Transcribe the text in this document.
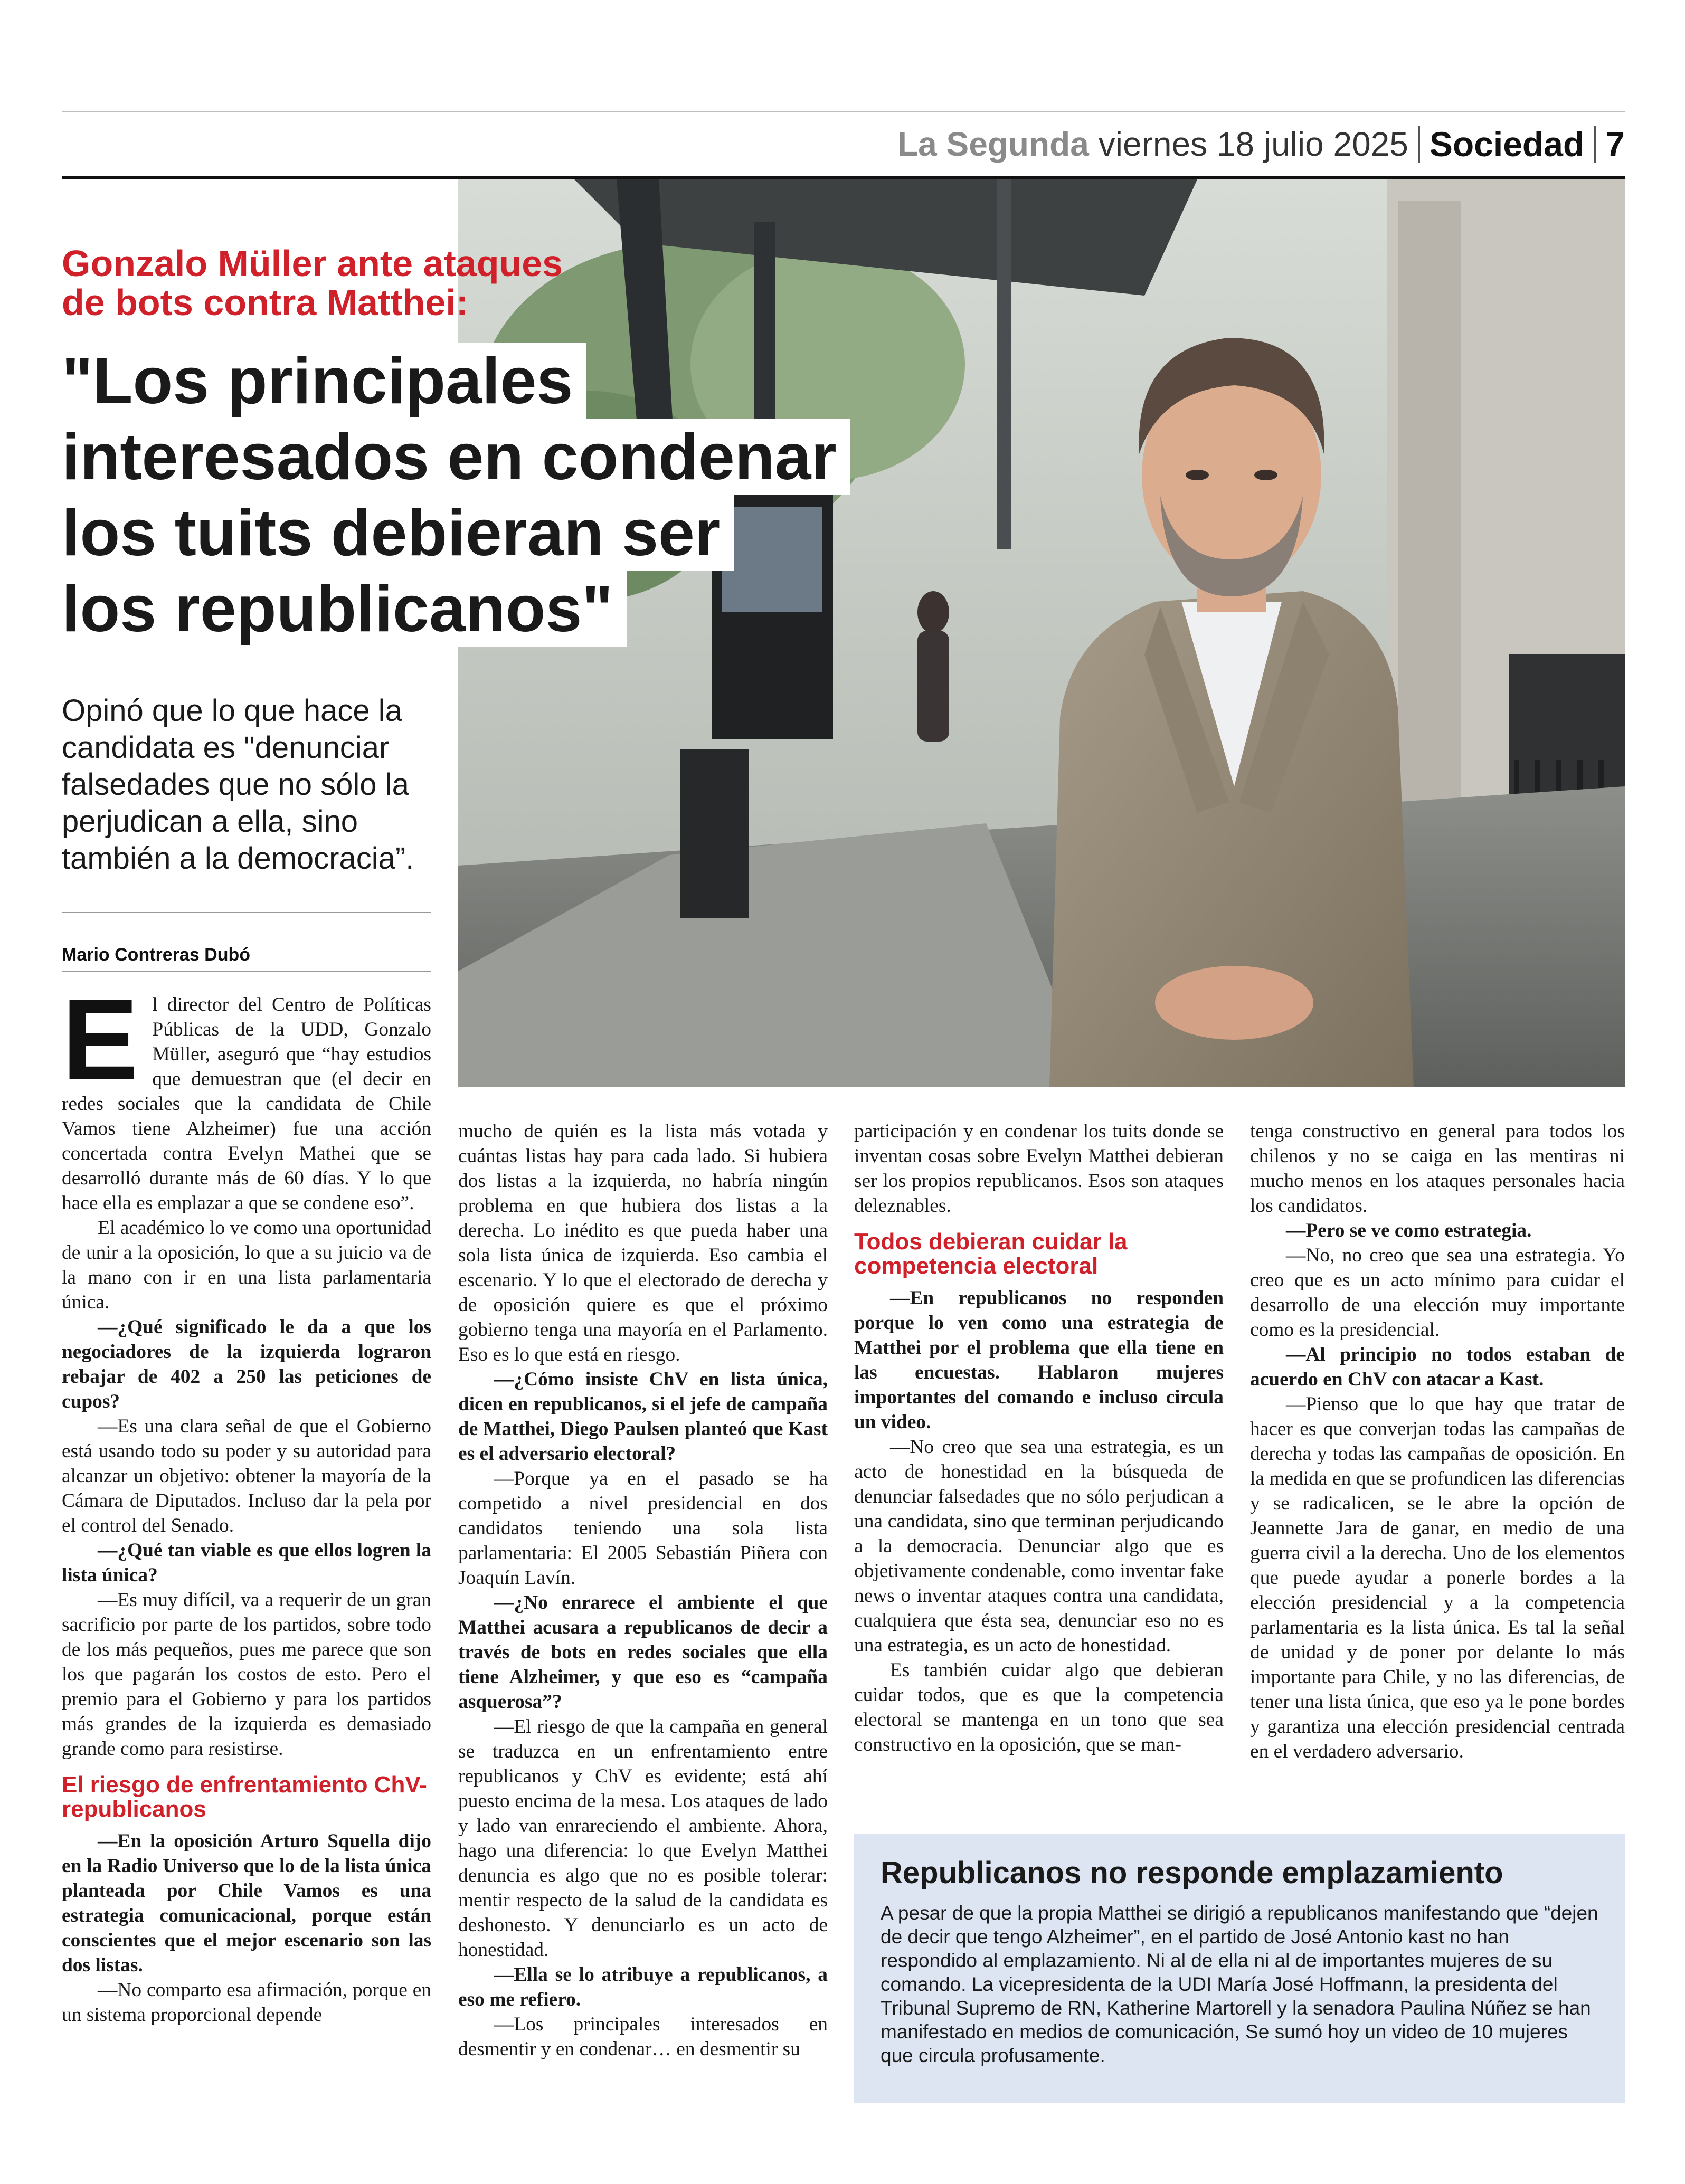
La Segunda viernes 18 julio 2025 Sociedad 7
Gonzalo Müller ante ataques de bots contra Matthei:
"Los principales
interesados en condenar
los tuits debieran ser
los republicanos"
Opinó que lo que hace la candidata es "denunciar falsedades que no sólo la perjudican a ella, sino también a la democracia”.
Mario Contreras Dubó

El director del Centro de Políticas Públicas de la UDD, Gonzalo Müller, aseguró que “hay estudios que demuestran que (el decir en redes sociales que la candidata de Chile Vamos tiene Alzheimer) fue una acción concertada contra Evelyn Mathei que se desarrolló durante más de 60 días. Y lo que hace ella es emplazar a que se condene eso”.

El académico lo ve como una oportunidad de unir a la oposición, lo que a su juicio va de la mano con ir en una lista parlamentaria única.

—¿Qué significado le da a que los negociadores de la izquierda lograron rebajar de 402 a 250 las peticiones de cupos?

—Es una clara señal de que el Gobierno está usando todo su poder y su autoridad para alcanzar un objetivo: obtener la mayoría de la Cámara de Diputados. Incluso dar la pela por el control del Senado.

—¿Qué tan viable es que ellos logren la lista única?

—Es muy difícil, va a requerir de un gran sacrificio por parte de los partidos, sobre todo de los más pequeños, pues me parece que son los que pagarán los costos de esto. Pero el premio para el Gobierno y para los partidos más grandes de la izquierda es demasiado grande como para resistirse.

El riesgo de enfrentamiento ChV-republicanos

—En la oposición Arturo Squella dijo en la Radio Universo que lo de la lista única planteada por Chile Vamos es una estrategia comunicacional, porque están conscientes que el mejor escenario son las dos listas.

—No comparto esa afirmación, porque en un sistema proporcional depende

mucho de quién es la lista más votada y cuántas listas hay para cada lado. Si hubiera dos listas a la izquierda, no habría ningún problema en que hubiera dos listas a la derecha. Lo inédito es que pueda haber una sola lista única de izquierda. Eso cambia el escenario. Y lo que el electorado de derecha y de oposición quiere es que el próximo gobierno tenga una mayoría en el Parlamento. Eso es lo que está en riesgo.

—¿Cómo insiste ChV en lista única, dicen en republicanos, si el jefe de campaña de Matthei, Diego Paulsen planteó que Kast es el adversario electoral?

—Porque ya en el pasado se ha competido a nivel presidencial en dos candidatos teniendo una sola lista parlamentaria: El 2005 Sebastián Piñera con Joaquín Lavín.

—¿No enrarece el ambiente el que Matthei acusara a republicanos de decir a través de bots en redes sociales que ella tiene Alzheimer, y que eso es “campaña asquerosa”?

—El riesgo de que la campaña en general se traduzca en un enfrentamiento entre republicanos y ChV es evidente; está ahí puesto encima de la mesa. Los ataques de lado y lado van enrareciendo el ambiente. Ahora, hago una diferencia: lo que Evelyn Matthei denuncia es algo que no es posible tolerar: mentir respecto de la salud de la candidata es deshonesto. Y denunciarlo es un acto de honestidad.

—Ella se lo atribuye a republicanos, a eso me refiero.

—Los principales interesados en desmentir y en condenar… en desmentir su

participación y en condenar los tuits donde se inventan cosas sobre Evelyn Matthei debieran ser los propios republicanos. Esos son ataques deleznables.

Todos debieran cuidar la competencia electoral

—En republicanos no responden porque lo ven como una estrategia de Matthei por el problema que ella tiene en las encuestas. Hablaron mujeres importantes del comando e incluso circula un video.

—No creo que sea una estrategia, es un acto de honestidad en la búsqueda de denunciar falsedades que no sólo perjudican a una candidata, sino que terminan perjudicando a la democracia. Denunciar algo que es objetivamente condenable, como inventar fake news o inventar ataques contra una candidata, cualquiera que ésta sea, denunciar eso no es una estrategia, es un acto de honestidad.

Es también cuidar algo que debieran cuidar todos, que es que la competencia electoral se mantenga en un tono que sea constructivo en la oposición, que se man-

tenga constructivo en general para todos los chilenos y no se caiga en las mentiras ni mucho menos en los ataques personales hacia los candidatos.

—Pero se ve como estrategia.

—No, no creo que sea una estrategia. Yo creo que es un acto mínimo para cuidar el desarrollo de una elección muy importante como es la presidencial.

—Al principio no todos estaban de acuerdo en ChV con atacar a Kast.

—Pienso que lo que hay que tratar de hacer es que converjan todas las campañas de derecha y todas las campañas de oposición. En la medida en que se profundicen las diferencias y se radicalicen, se le abre la opción de Jeannette Jara de ganar, en medio de una guerra civil a la derecha. Uno de los elementos que puede ayudar a ponerle bordes a la elección presidencial y a la competencia parlamentaria es la lista única. Es tal la señal de unidad y de poner por delante lo más importante para Chile, y no las diferencias, de tener una lista única, que eso ya le pone bordes y garantiza una elección presidencial centrada en el verdadero adversario.

Republicanos no responde emplazamiento
A pesar de que la propia Matthei se dirigió a republicanos manifestando que “dejen de decir que tengo Alzheimer”, en el partido de José Antonio kast no han respondido al emplazamiento. Ni al de ella ni al de importantes mujeres de su comando. La vicepresidenta de la UDI María José Hoffmann, la presidenta del Tribunal Supremo de RN, Katherine Martorell y la senadora Paulina Núñez se han manifestado en medios de comunicación, Se sumó hoy un video de 10 mujeres que circula profusamente.
